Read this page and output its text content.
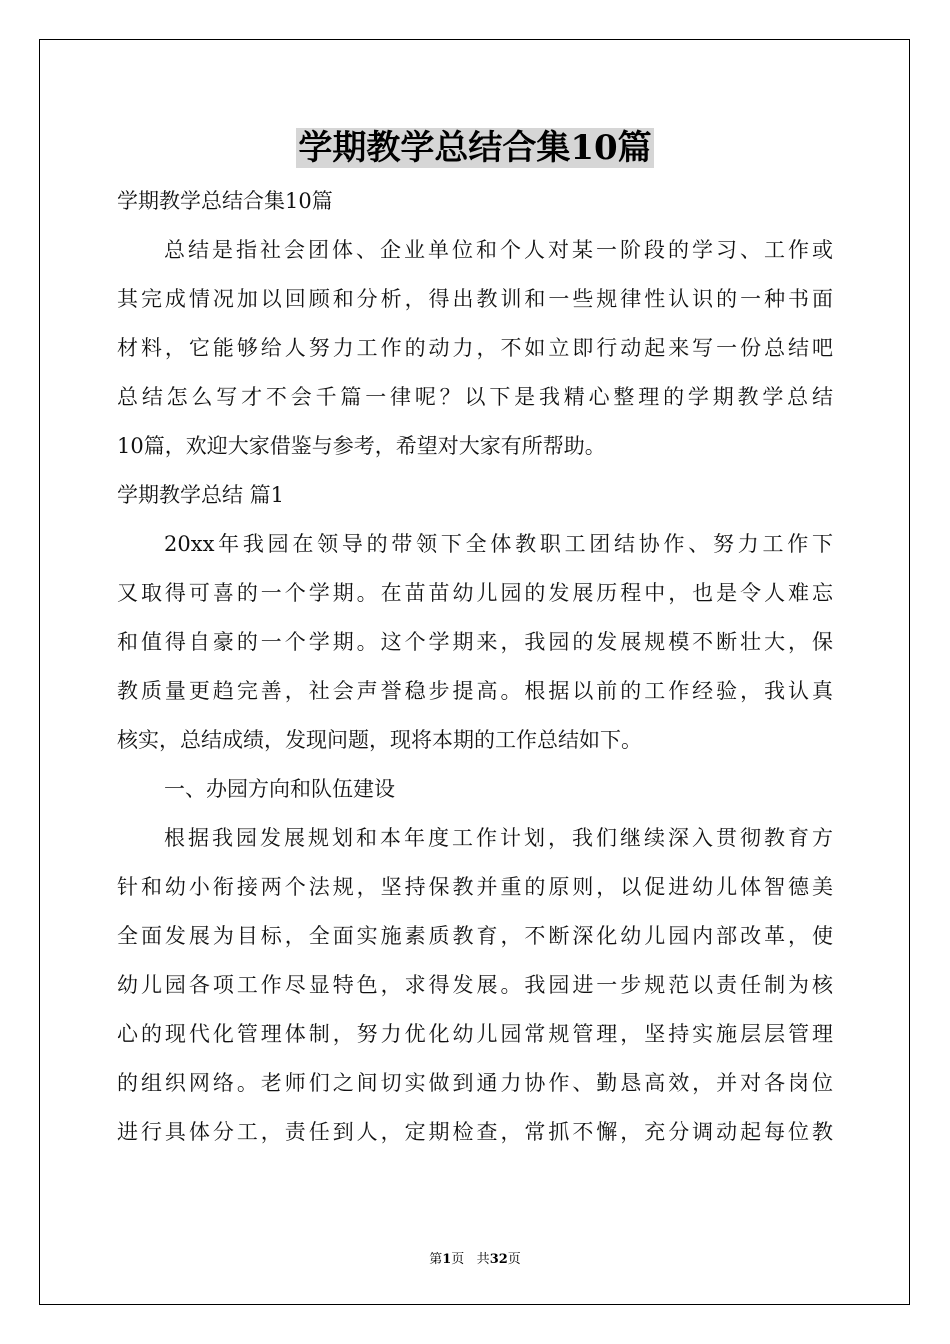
学期教学总结合集10篇
学期教学总结合集10篇
总结是指社会团体、企业单位和个人对某一阶段的学习、工作或
其完成情况加以回顾和分析，得出教训和一些规律性认识的一种书面
材料，它能够给人努力工作的动力，不如立即行动起来写一份总结吧
总结怎么写才不会千篇一律呢？以下是我精心整理的学期教学总结
10篇，欢迎大家借鉴与参考，希望对大家有所帮助。
学期教学总结 篇1
20xx年我园在领导的带领下全体教职工团结协作、努力工作下
又取得可喜的一个学期。在苗苗幼儿园的发展历程中，也是令人难忘
和值得自豪的一个学期。这个学期来，我园的发展规模不断壮大，保
教质量更趋完善，社会声誉稳步提高。根据以前的工作经验，我认真
核实，总结成绩，发现问题，现将本期的工作总结如下。
一、办园方向和队伍建设
根据我园发展规划和本年度工作计划，我们继续深入贯彻教育方
针和幼小衔接两个法规，坚持保教并重的原则，以促进幼儿体智德美
全面发展为目标，全面实施素质教育，不断深化幼儿园内部改革，使
幼儿园各项工作尽显特色，求得发展。我园进一步规范以责任制为核
心的现代化管理体制，努力优化幼儿园常规管理，坚持实施层层管理
的组织网络。老师们之间切实做到通力协作、勤恳高效，并对各岗位
进行具体分工，责任到人，定期检查，常抓不懈，充分调动起每位教
第1页 共32页
